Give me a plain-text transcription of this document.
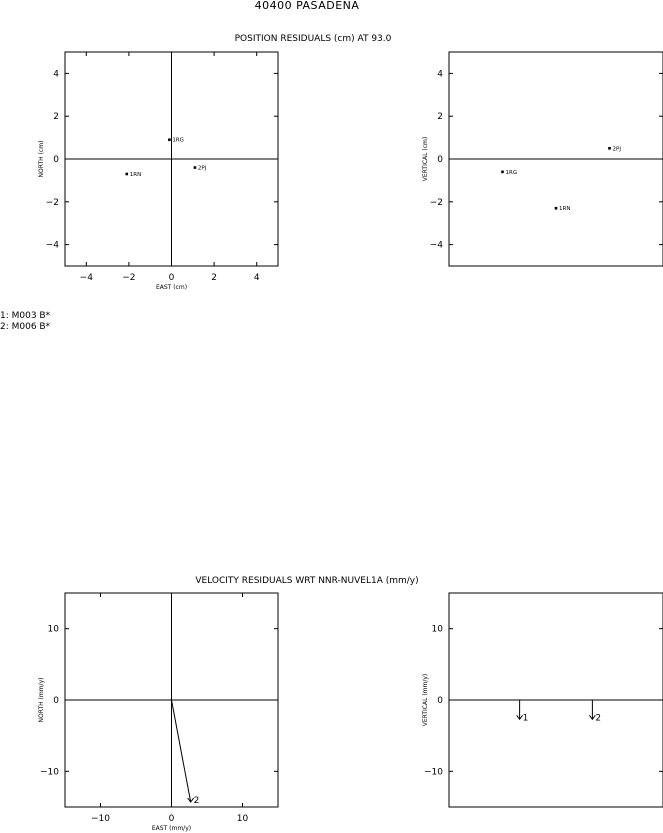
40400 PASADENA
POSITION RESIDUALS (cm) AT 93.0
4
2
0
−2
−4
−4	−2	0	2	4
EAST (cm)
NORTH (cm)	1RG
2PJ
1RN
4
2
0
−2
−4
VERTICAL (cm)	1RG
1RN
2PJ
VELOCITY RESIDUALS WRT NNR-NUVEL1A (mm/y)
10
0
−10
−10	0	10
EAST (mm/y)
NORTH (mm/y)
2
10
0
−10
VERTICAL (mm/y)	1	2
1: M003 B*
2: M006 B*
